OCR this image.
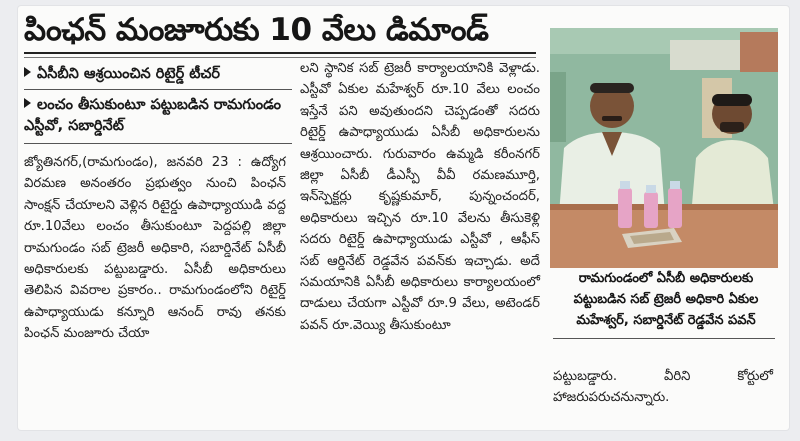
పింఛన్ మంజూరుకు 10 వేలు డిమాండ్
ఏసీబీని ఆశ్రయించిన రిటైర్డ్ టీచర్
లంచం తీసుకుంటూ పట్టుబడిన రామగుండం ఎస్టీవో, సబార్డినేట్

జ్యోతినగర్,(రామగుండం), జనవరి 23 : ఉద్యోగ విరమణ అనంతరం ప్రభుత్వం నుంచి పింఛన్ సాంక్షన్ చేయాలని వెళ్లిన రిటైర్డు ఉపాధ్యాయుడి వద్ద రూ.10వేలు లంచం తీసుకుంటూ పెద్దపల్లి జిల్లా రామగుండం సబ్ ట్రెజరీ అధికారి, సబార్డినేట్ ఏసీబీ అధికారులకు పట్టుబడ్డారు. ఏసీబీ అధికారులు తెలిపిన వివరాల ప్రకారం.. రామగుండంలోని రిటైర్డ్ ఉపాధ్యాయుడు కన్నూరి ఆనంద్ రావు తనకు పింఛన్ మంజూరు చేయా

లని స్థానిక సబ్ ట్రెజరీ కార్యాలయానికి వెళ్లాడు. ఎస్టీవో ఏకుల మహేశ్వర్ రూ.10 వేలు లంచం ఇస్తేనే పని అవుతుందని చెప్పడంతో సదరు రిటైర్డ్ ఉపాధ్యాయుడు ఏసీబీ అధికారులను ఆశ్రయించారు. గురువారం ఉమ్మడి కరీంనగర్ జిల్లా ఏసీబీ డీఎస్పీ వీవీ రమణమూర్తి, ఇన్‌స్పెక్టర్లు కృష్ణకుమార్, పున్నంచందర్, అధికారులు ఇచ్చిన రూ.10 వేలను తీసుకెళ్లి సదరు రిటైర్డ్ ఉపాధ్యాయుడు ఎస్టీవో , ఆఫీస్ సబ్ ఆర్డినేట్ రెడ్డవేన పవన్‌కు ఇచ్చాడు. అదే సమయానికి ఏసీబీ అధికారులు కార్యాలయంలో దాడులు చేయగా ఎస్టీవో రూ.9 వేలు, అటెండర్ పవన్ రూ.వెయ్యి తీసుకుంటూ

రామగుండంలో ఏసీబీ అధికారులకు పట్టుబడిన సబ్ ట్రెజరీ అధికారి ఏకుల మహేశ్వర్, సబార్డినేట్ రెడ్డవేన పవన్

పట్టుబడ్డారు. వీరిని కోర్టులో హాజరుపరుచనున్నారు.
